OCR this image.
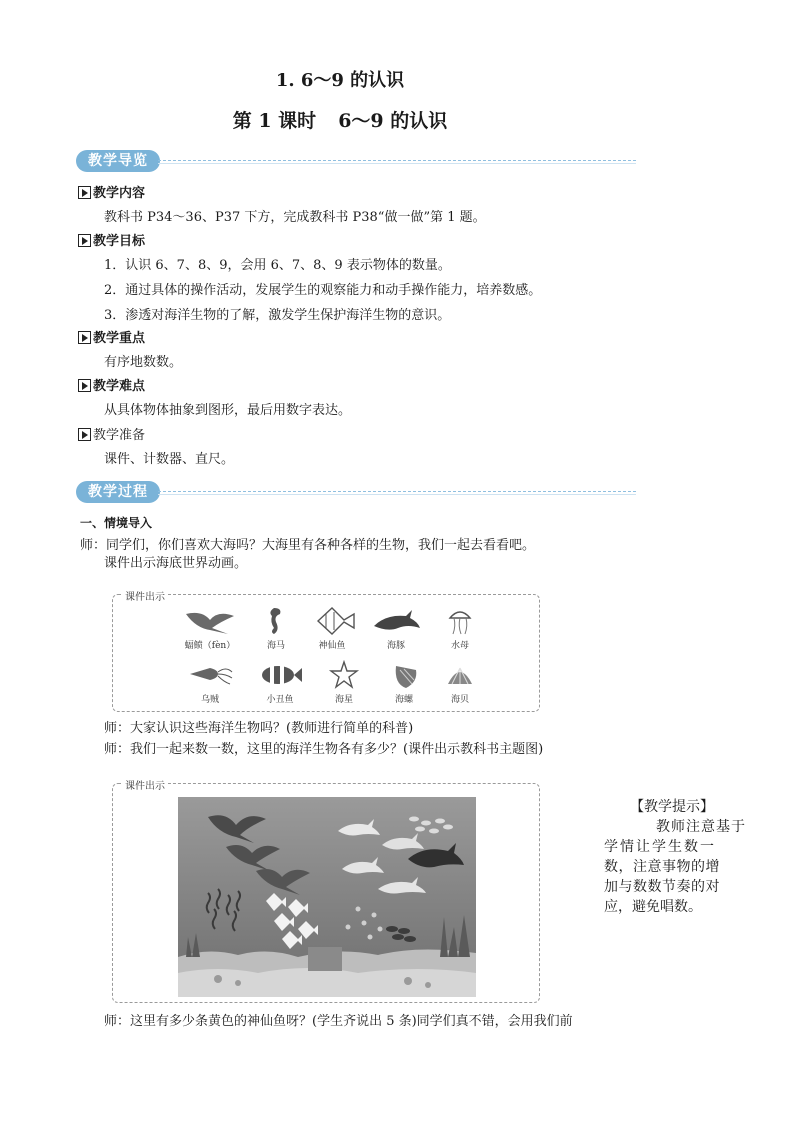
1. 6～9 的认识
第 1 课时 6～9 的认识
教学导览
教学内容
教科书 P34～36、P37 下方，完成教科书 P38“做一做”第 1 题。
教学目标
1．认识 6、7、8、9，会用 6、7、8、9 表示物体的数量。
2．通过具体的操作活动，发展学生的观察能力和动手操作能力，培养数感。
3．渗透对海洋生物的了解，激发学生保护海洋生物的意识。
教学重点
有序地数数。
教学难点
从具体物体抽象到图形，最后用数字表达。
教学准备
课件、计数器、直尺。
教学过程
一、情境导入
师：同学们，你们喜欢大海吗？大海里有各种各样的生物，我们一起去看看吧。
课件出示海底世界动画。
课件出示
蝠鲼（fèn）	海马	神仙鱼	海豚	水母
乌贼	小丑鱼	海星	海螺	海贝
师：大家认识这些海洋生物吗？(教师进行简单的科普)
师：我们一起来数一数，这里的海洋生物各有多少？(课件出示教科书主题图)
课件出示
【教学提示】
教师注意基于
学情让学生数一
数，注意事物的增
加与数数节奏的对
应，避免唱数。
师：这里有多少条黄色的神仙鱼呀？(学生齐说出 5 条)同学们真不错，会用我们前
